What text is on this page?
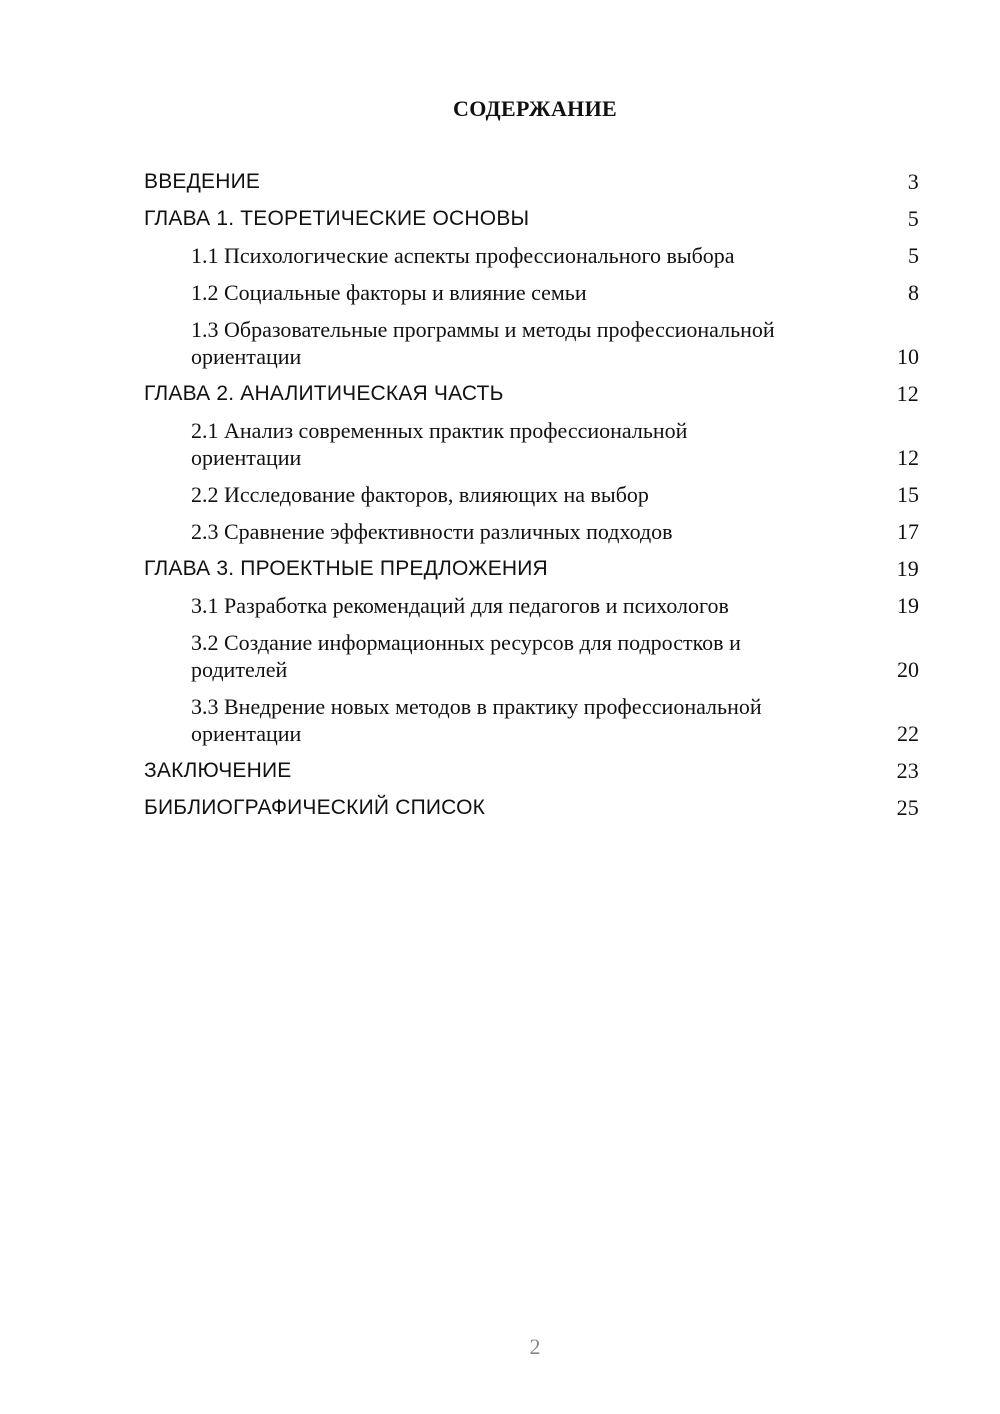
СОДЕРЖАНИЕ
ВВЕДЕНИЕ	3
ГЛАВА 1. ТЕОРЕТИЧЕСКИЕ ОСНОВЫ	5
1.1 Психологические аспекты профессионального выбора	5
1.2 Социальные факторы и влияние семьи	8
1.3 Образовательные программы и методы профессиональной ориентации	10
ГЛАВА 2. АНАЛИТИЧЕСКАЯ ЧАСТЬ	12
2.1 Анализ современных практик профессиональной ориентации	12
2.2 Исследование факторов, влияющих на выбор	15
2.3 Сравнение эффективности различных подходов	17
ГЛАВА 3. ПРОЕКТНЫЕ ПРЕДЛОЖЕНИЯ	19
3.1 Разработка рекомендаций для педагогов и психологов	19
3.2 Создание информационных ресурсов для подростков и родителей	20
3.3 Внедрение новых методов в практику профессиональной ориентации	22
ЗАКЛЮЧЕНИЕ	23
БИБЛИОГРАФИЧЕСКИЙ СПИСОК	25
2
